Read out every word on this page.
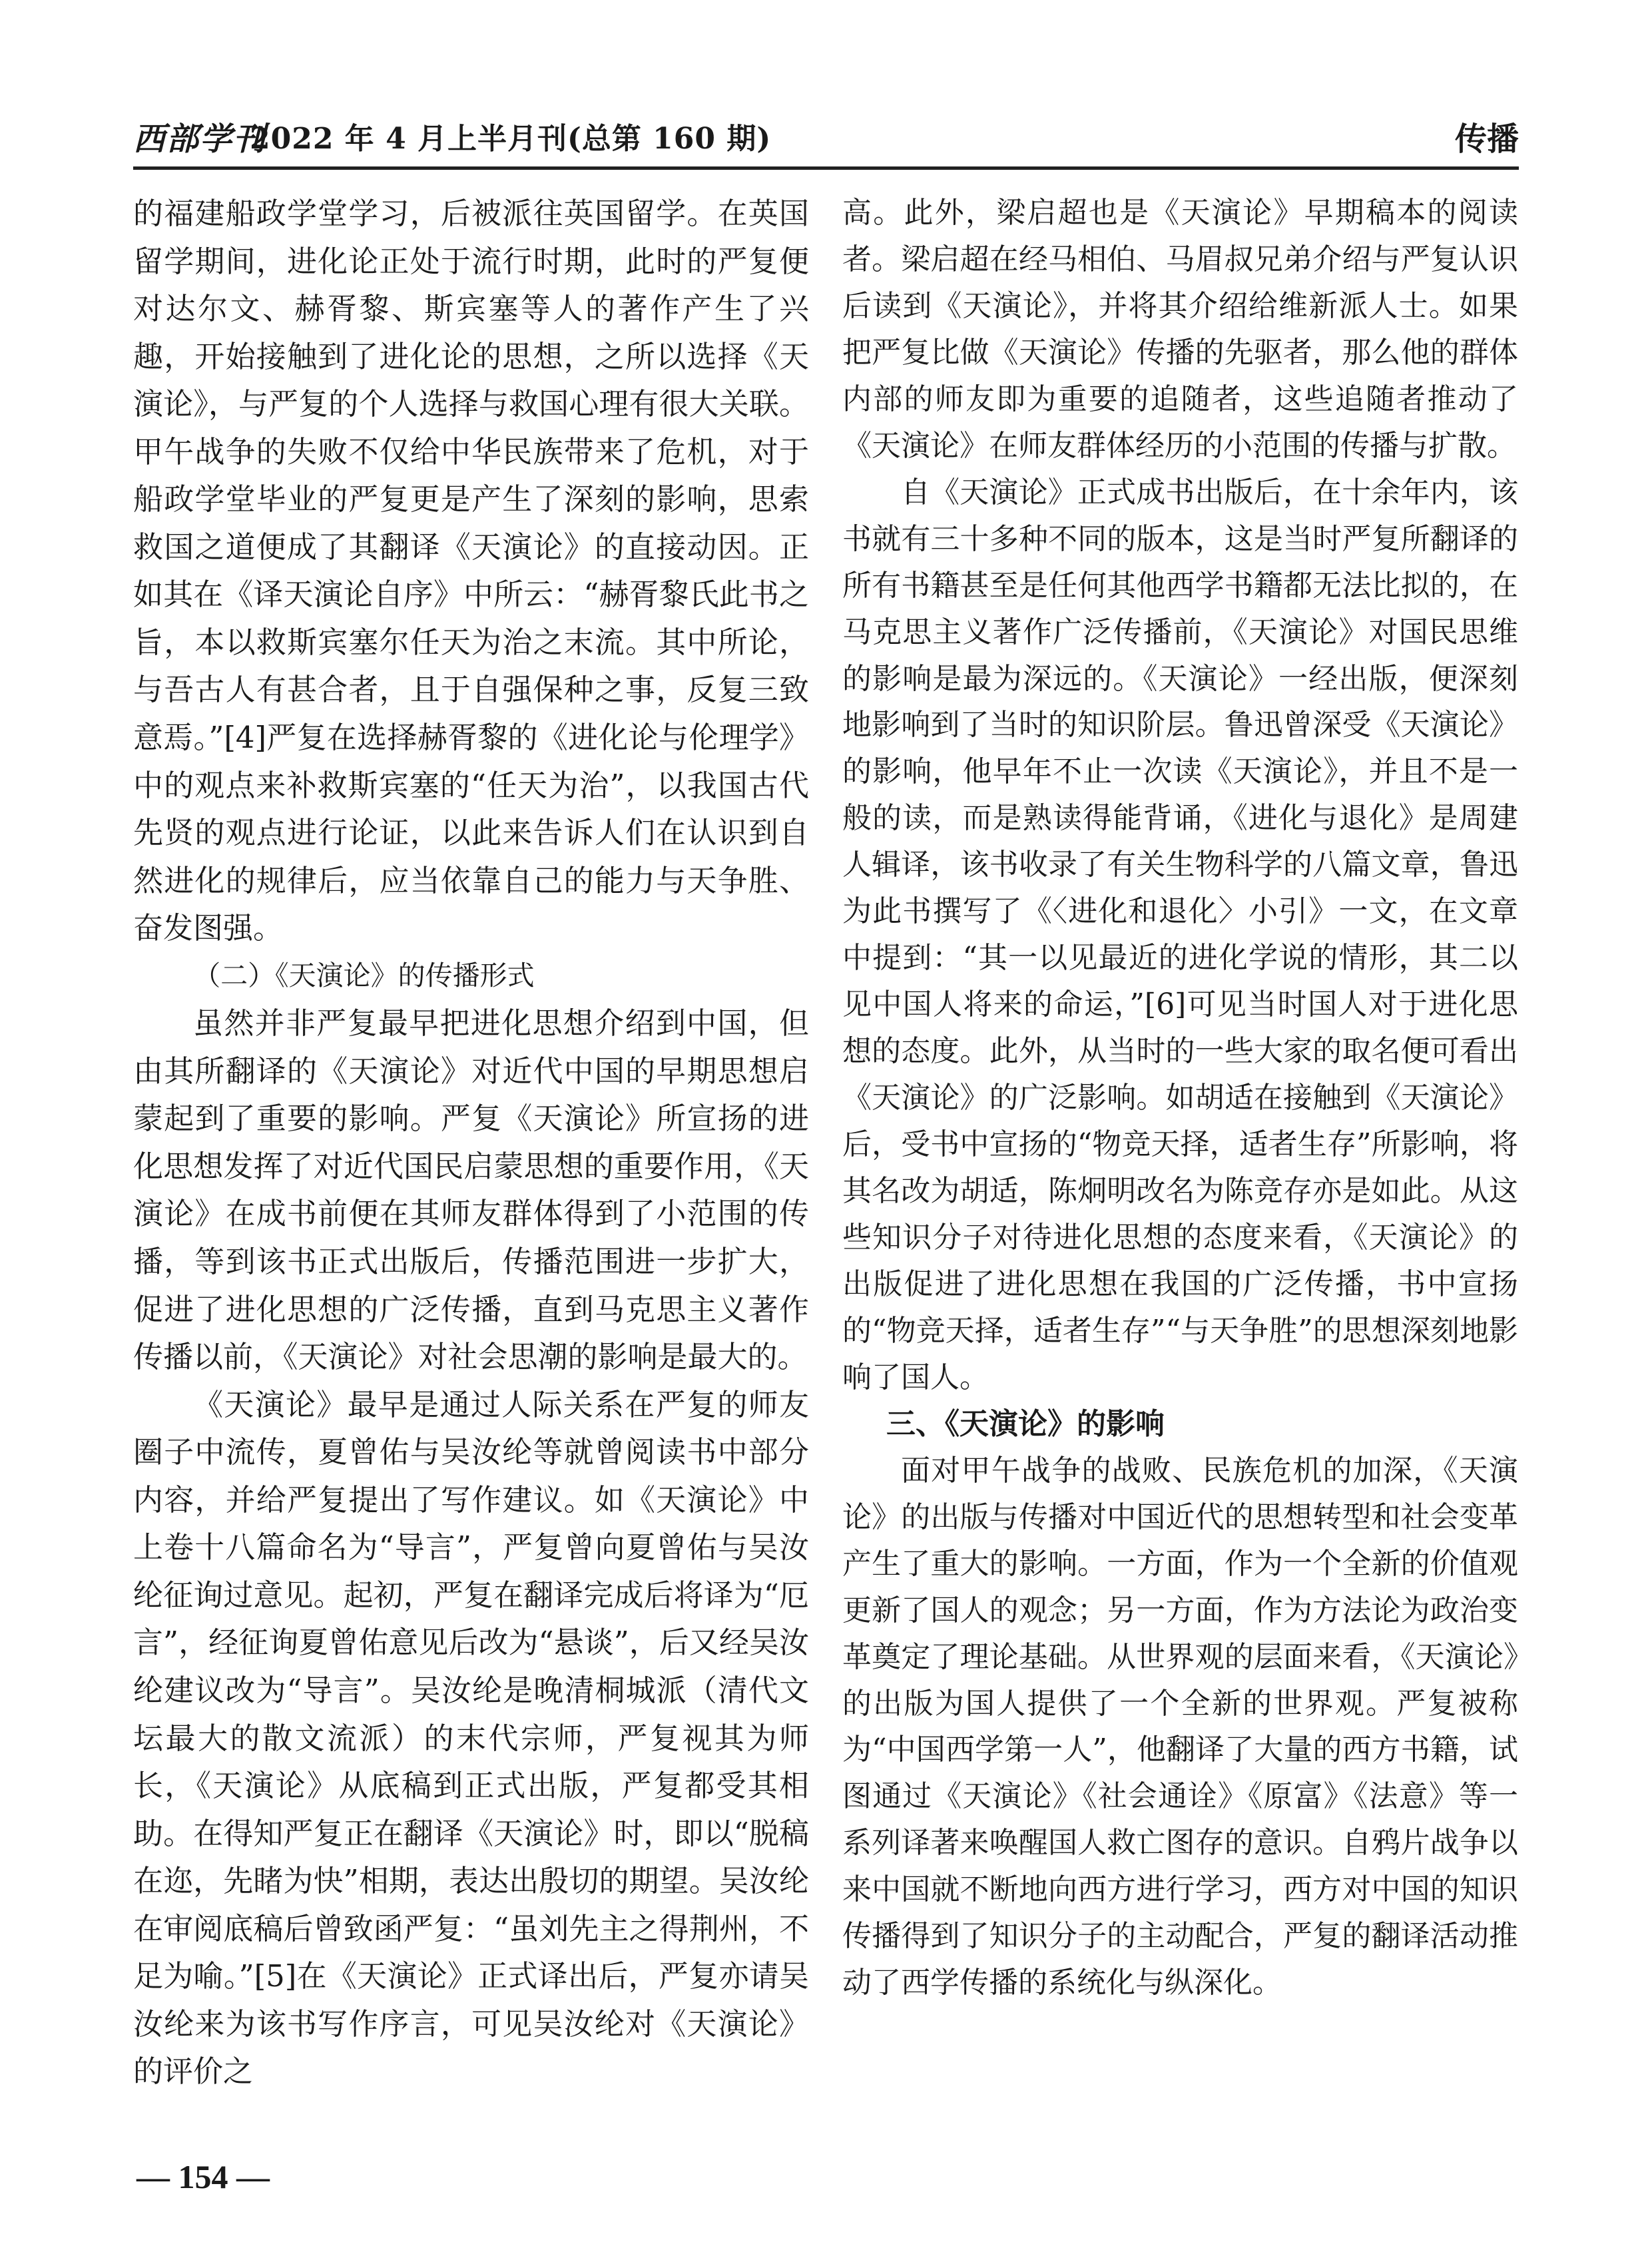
西部学刊
2022 年 4 月上半月刊(总第 160 期)	传播

的福建船政学堂学习，后被派往英国留学。在英国留学期间，进化论正处于流行时期，此时的严复便对达尔文、赫胥黎、斯宾塞等人的著作产生了兴趣，开始接触到了进化论的思想，之所以选择《天演论》，与严复的个人选择与救国心理有很大关联。甲午战争的失败不仅给中华民族带来了危机，对于船政学堂毕业的严复更是产生了深刻的影响，思索救国之道便成了其翻译《天演论》的直接动因。正如其在《译天演论自序》中所云：“赫胥黎氏此书之旨，本以救斯宾塞尔任天为治之末流。其中所论，与吾古人有甚合者，且于自强保种之事，反复三致意焉。”[4]严复在选择赫胥黎的《进化论与伦理学》中的观点来补救斯宾塞的“任天为治”，以我国古代先贤的观点进行论证，以此来告诉人们在认识到自然进化的规律后，应当依靠自己的能力与天争胜、奋发图强。

（二）《天演论》的传播形式

虽然并非严复最早把进化思想介绍到中国，但由其所翻译的《天演论》对近代中国的早期思想启蒙起到了重要的影响。严复《天演论》所宣扬的进化思想发挥了对近代国民启蒙思想的重要作用，《天演论》在成书前便在其师友群体得到了小范围的传播，等到该书正式出版后，传播范围进一步扩大，促进了进化思想的广泛传播，直到马克思主义著作传播以前，《天演论》对社会思潮的影响是最大的。

《天演论》最早是通过人际关系在严复的师友圈子中流传，夏曾佑与吴汝纶等就曾阅读书中部分内容，并给严复提出了写作建议。如《天演论》中上卷十八篇命名为“导言”，严复曾向夏曾佑与吴汝纶征询过意见。起初，严复在翻译完成后将译为“厄言”，经征询夏曾佑意见后改为“悬谈”，后又经吴汝纶建议改为“导言”。吴汝纶是晚清桐城派（清代文坛最大的散文流派）的末代宗师，严复视其为师长，《天演论》从底稿到正式出版，严复都受其相助。在得知严复正在翻译《天演论》时，即以“脱稿在迩，先睹为快”相期，表达出殷切的期望。吴汝纶在审阅底稿后曾致函严复：“虽刘先主之得荆州，不足为喻。”[5]在《天演论》正式译出后，严复亦请吴汝纶来为该书写作序言，可见吴汝纶对《天演论》的评价之

高。此外，梁启超也是《天演论》早期稿本的阅读者。梁启超在经马相伯、马眉叔兄弟介绍与严复认识后读到《天演论》，并将其介绍给维新派人士。如果把严复比做《天演论》传播的先驱者，那么他的群体内部的师友即为重要的追随者，这些追随者推动了《天演论》在师友群体经历的小范围的传播与扩散。

自《天演论》正式成书出版后，在十余年内，该书就有三十多种不同的版本，这是当时严复所翻译的所有书籍甚至是任何其他西学书籍都无法比拟的，在马克思主义著作广泛传播前，《天演论》对国民思维的影响是最为深远的。《天演论》一经出版，便深刻地影响到了当时的知识阶层。鲁迅曾深受《天演论》的影响，他早年不止一次读《天演论》，并且不是一般的读，而是熟读得能背诵，《进化与退化》是周建人辑译，该书收录了有关生物科学的八篇文章，鲁迅为此书撰写了《〈进化和退化〉小引》一文，在文章中提到：“其一以见最近的进化学说的情形，其二以见中国人将来的命运，”[6]可见当时国人对于进化思想的态度。此外，从当时的一些大家的取名便可看出《天演论》的广泛影响。如胡适在接触到《天演论》后，受书中宣扬的“物竞天择，适者生存”所影响，将其名改为胡适，陈炯明改名为陈竞存亦是如此。从这些知识分子对待进化思想的态度来看，《天演论》的出版促进了进化思想在我国的广泛传播，书中宣扬的“物竞天择，适者生存”“与天争胜”的思想深刻地影响了国人。

三、《天演论》的影响

面对甲午战争的战败、民族危机的加深，《天演论》的出版与传播对中国近代的思想转型和社会变革产生了重大的影响。一方面，作为一个全新的价值观更新了国人的观念；另一方面，作为方法论为政治变革奠定了理论基础。从世界观的层面来看，《天演论》的出版为国人提供了一个全新的世界观。严复被称为“中国西学第一人”，他翻译了大量的西方书籍，试图通过《天演论》《社会通诠》《原富》《法意》等一系列译著来唤醒国人救亡图存的意识。自鸦片战争以来中国就不断地向西方进行学习，西方对中国的知识传播得到了知识分子的主动配合，严复的翻译活动推动了西学传播的系统化与纵深化。

— 154 —
